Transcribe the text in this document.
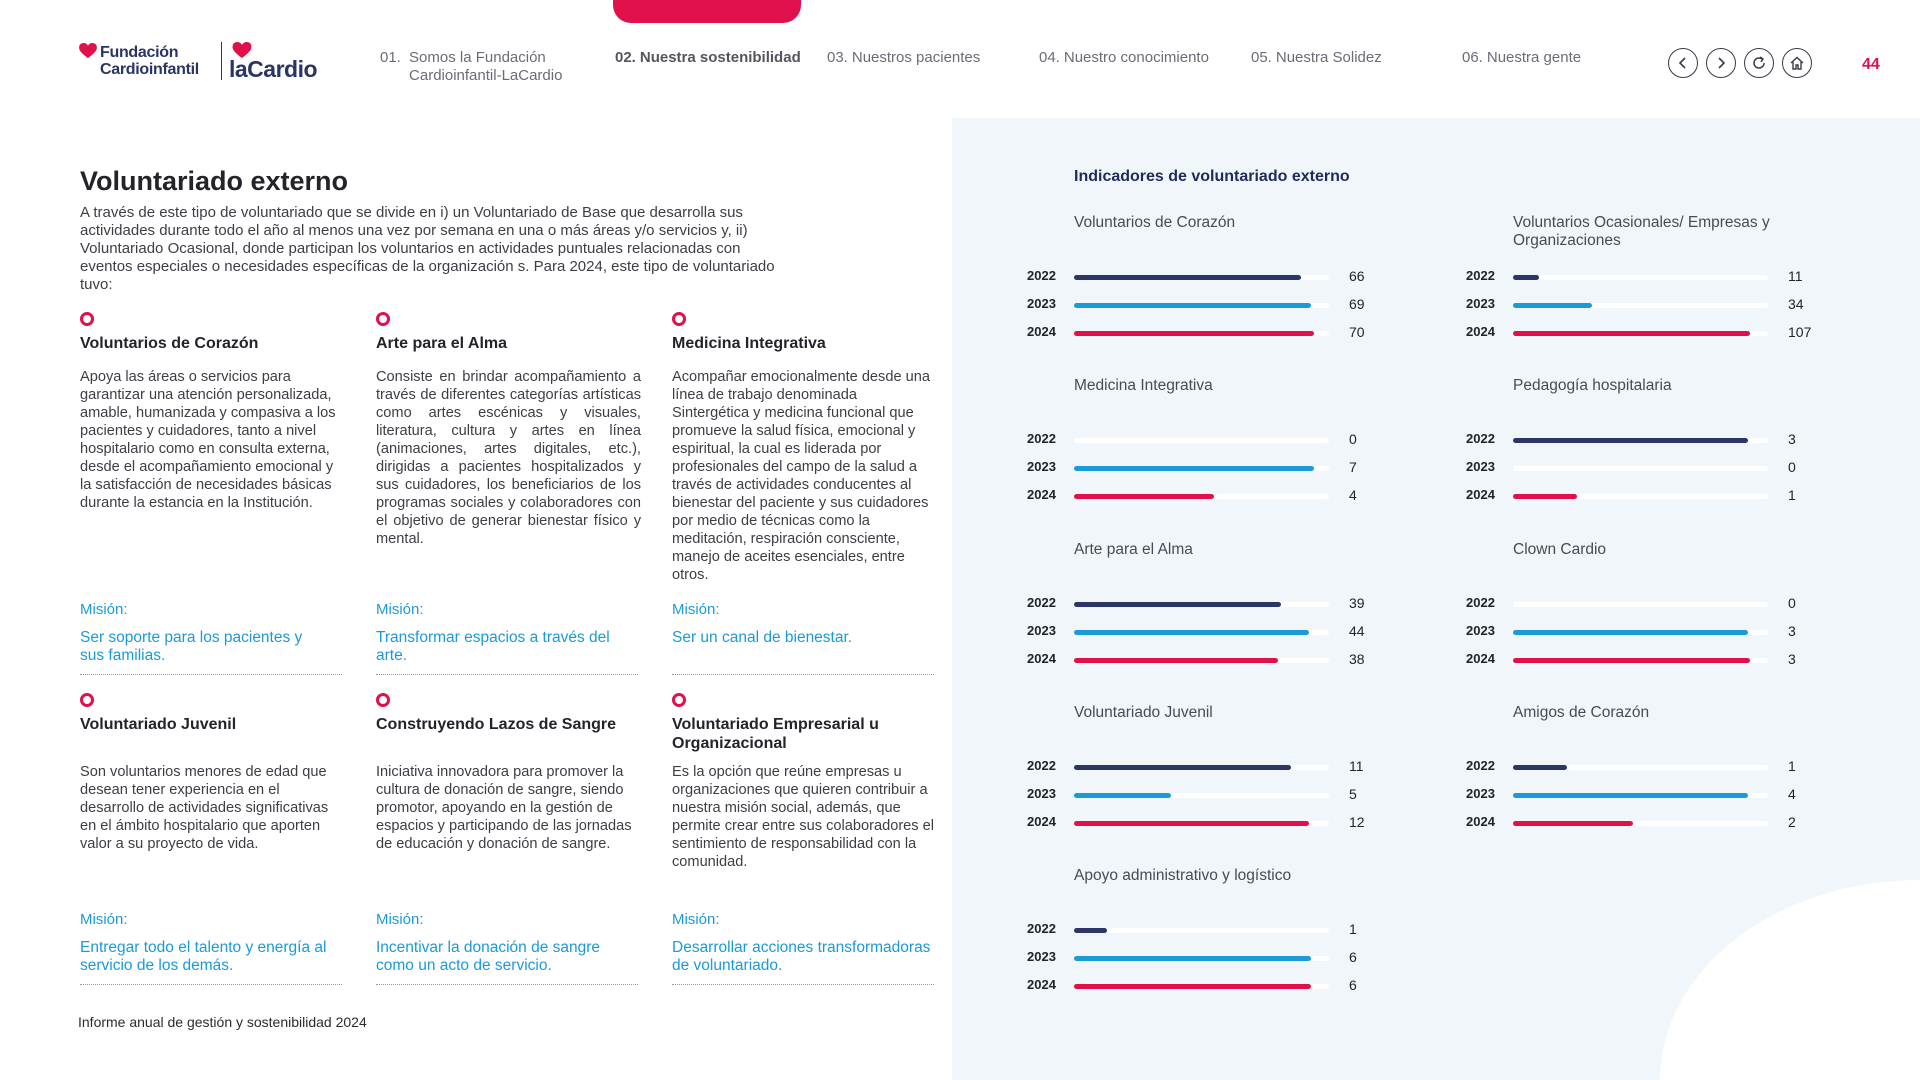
Fundación
Cardioinfantil	laCardio	01. Somos la Fundación
Cardioinfantil-LaCardio
02. Nuestra sostenibilidad 03. Nuestros pacientes	04. Nuestro conocimiento	05. Nuestra Solidez	06. Nuestra gente	44
Voluntariado externo

A través de este tipo de voluntariado que se divide en i) un Voluntariado de Base que desarrolla sus actividades durante todo el año al menos una vez por semana en una o más áreas y/o servicios y, ii) Voluntariado Ocasional, donde participan los voluntarios en actividades puntuales relacionadas con eventos especiales o necesidades específicas de la organización s. Para 2024, este tipo de voluntariado tuvo:

Voluntarios de Corazón
Apoya las áreas o servicios para garantizar una atención personalizada, amable, humanizada y compasiva a los pacientes y cuidadores, tanto a nivel hospitalario como en consulta externa, desde el acompañamiento emocional y la satisfacción de necesidades básicas durante la estancia en la Institución.
Misión:
Ser soporte para los pacientes y sus familias.
Arte para el Alma
Consiste en brindar acompañamiento a través de diferentes categorías artísticas como artes escénicas y visuales, literatura, cultura y artes en línea (animaciones, artes digitales, etc.), dirigidas a pacientes hospitalizados y sus cuidadores, los beneficiarios de los programas sociales y colaboradores con el objetivo de generar bienestar físico y mental.
Misión:
Transformar espacios a través del arte.
Medicina Integrativa
Acompañar emocionalmente desde una línea de trabajo denominada Sintergética y medicina funcional que promueve la salud física, emocional y espiritual, la cual es liderada por profesionales del campo de la salud a través de actividades conducentes al bienestar del paciente y sus cuidadores por medio de técnicas como la meditación, respiración consciente, manejo de aceites esenciales, entre otros.
Misión:
Ser un canal de bienestar.
Voluntariado Juvenil
Son voluntarios menores de edad que desean tener experiencia en el desarrollo de actividades significativas en el ámbito hospitalario que aporten valor a su proyecto de vida.
Misión:
Entregar todo el talento y energía al servicio de los demás.
Construyendo Lazos de Sangre
Iniciativa innovadora para promover la cultura de donación de sangre, siendo promotor, apoyando en la gestión de espacios y participando de las jornadas de educación y donación de sangre.
Misión:
Incentivar la donación de sangre como un acto de servicio.
Voluntariado Empresarial u Organizacional
Es la opción que reúne empresas u organizaciones que quieren contribuir a nuestra misión social, además, que permite crear entre sus colaboradores el sentimiento de responsabilidad con la comunidad.
Misión:
Desarrollar acciones transformadoras de voluntariado.
Informe anual de gestión y sostenibilidad 2024
Indicadores de voluntariado externo
Voluntarios de Corazón
2022	66
2023	69
2024	70
Voluntarios Ocasionales/ Empresas y Organizaciones
2022	11
2023	34
2024	107
Medicina Integrativa
2022	0
2023	7
2024	4
Pedagogía hospitalaria
2022	3
2023	0
2024	1
Arte para el Alma
2022	39
2023	44
2024	38
Clown Cardio
2022	0
2023	3
2024	3
Voluntariado Juvenil
2022	11
2023	5
2024	12
Amigos de Corazón
2022	1
2023	4
2024	2
Apoyo administrativo y logístico
2022	1
2023	6
2024	6
